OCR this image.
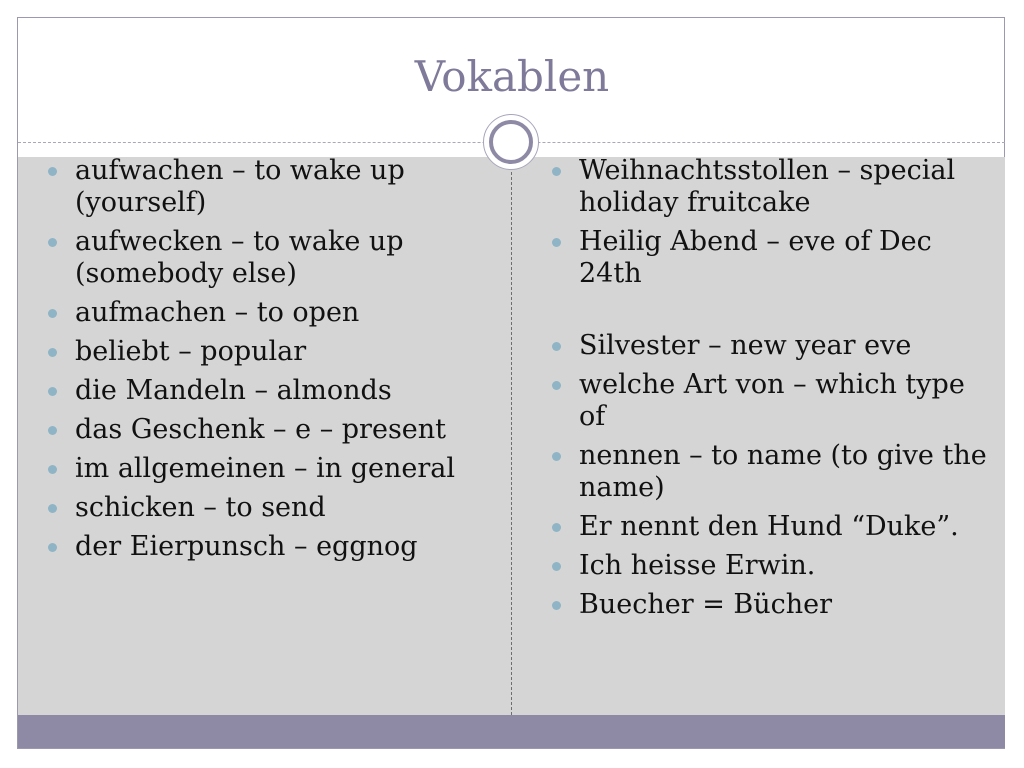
Vokablen
aufwachen – to wake up (yourself)
aufwecken – to wake up (somebody else)
aufmachen – to open
beliebt – popular
die Mandeln – almonds
das Geschenk – e – present
im allgemeinen – in general
schicken – to send
der Eierpunsch – eggnog
Weihnachtsstollen – special holiday fruitcake
Heilig Abend – eve of Dec 24th
Silvester – new year eve
welche Art von – which type of
nennen – to name (to give the name)
Er nennt den Hund “Duke”.
Ich heisse Erwin.
Buecher = Bücher
